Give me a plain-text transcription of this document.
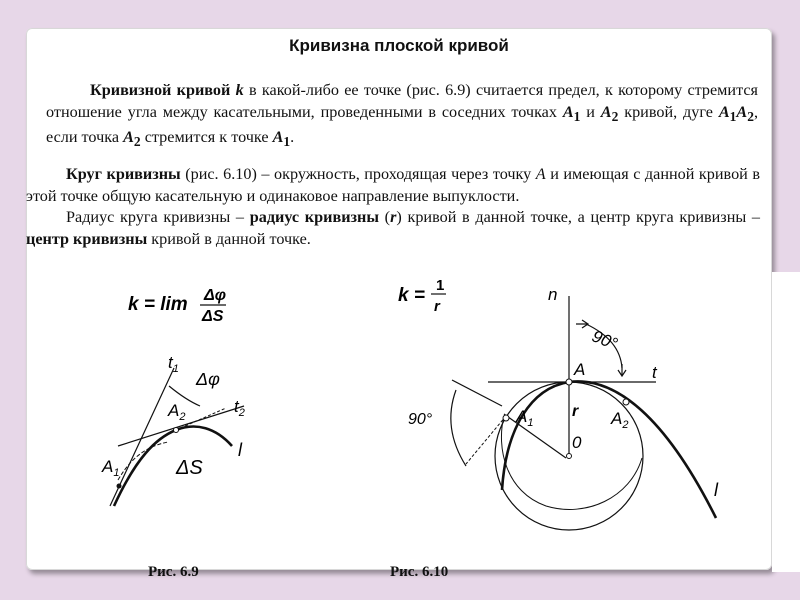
Кривизна плоской кривой
Кривизной кривой k в какой-либо ее точке (рис. 6.9) считается предел, к которому стремится отношение угла между касательными, проведенными в соседних точках $A_1$ и $A_2$ кривой, дуге $A_1A_2$, если точка $A_2$ стремится к точке $A_1$.
Круг кривизны (рис. 6.10) – окружность, проходящая через точку A и имеющая с данной кривой в этой точке общую касательную и одинаковое направление выпуклости.
Радиус круга кривизны – радиус кривизны (r) кривой в данной точке, а центр круга кривизны – центр кривизны кривой в данной точке.
k = lim Δφ
ΔS
$t_1$
$t_2$
Δφ
$A_2$
l
ΔS
$A_1$
k = 1
r
n
90°
A	t
90°	$A_1$
r $A_2$
0
l
Рис. 6.9	Рис. 6.10
